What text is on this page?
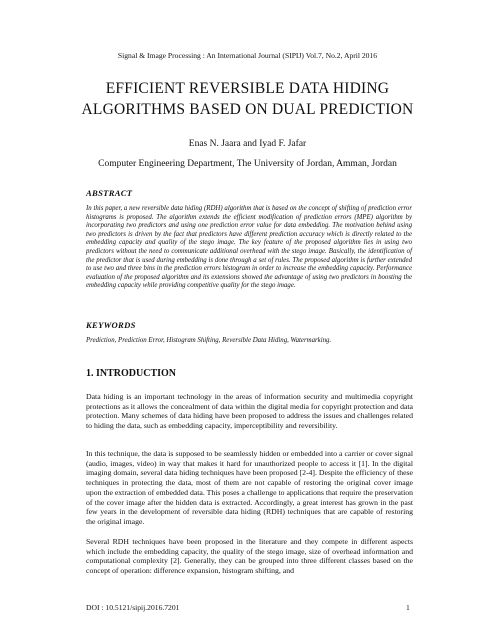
Signal & Image Processing : An International Journal (SIPIJ) Vol.7, No.2, April 2016
EFFICIENT REVERSIBLE DATA HIDING
ALGORITHMS BASED ON DUAL PREDICTION
Enas N. Jaara and Iyad F. Jafar
Computer Engineering Department, The University of Jordan, Amman, Jordan
ABSTRACT
In this paper, a new reversible data hiding (RDH) algorithm that is based on the concept of shifting of prediction error histograms is proposed. The algorithm extends the efficient modification of prediction errors (MPE) algorithm by incorporating two predictors and using one prediction error value for data embedding. The motivation behind using two predictors is driven by the fact that predictors have different prediction accuracy which is directly related to the embedding capacity and quality of the stego image. The key feature of the proposed algorithm lies in using two predictors without the need to communicate additional overhead with the stego image. Basically, the identification of the predictor that is used during embedding is done through a set of rules. The proposed algorithm is further extended to use two and three bins in the prediction errors histogram in order to increase the embedding capacity. Performance evaluation of the proposed algorithm and its extensions showed the advantage of using two predictors in boosting the embedding capacity while providing competitive quality for the stego image.
KEYWORDS
Prediction, Prediction Error, Histogram Shifting, Reversible Data Hiding, Watermarking.
1. INTRODUCTION
Data hiding is an important technology in the areas of information security and multimedia copyright protections as it allows the concealment of data within the digital media for copyright protection and data protection. Many schemes of data hiding have been proposed to address the issues and challenges related to hiding the data, such as embedding capacity, imperceptibility and reversibility.
In this technique, the data is supposed to be seamlessly hidden or embedded into a carrier or cover signal (audio, images, video) in way that makes it hard for unauthorized people to access it [1]. In the digital imaging domain, several data hiding techniques have been proposed [2-4]. Despite the efficiency of these techniques in protecting the data, most of them are not capable of restoring the original cover image upon the extraction of embedded data. This poses a challenge to applications that require the preservation of the cover image after the hidden data is extracted. Accordingly, a great interest has grown in the past few years in the development of reversible data hiding (RDH) techniques that are capable of restoring the original image.
Several RDH techniques have been proposed in the literature and they compete in different aspects which include the embedding capacity, the quality of the stego image, size of overhead information and computational complexity [2]. Generally, they can be grouped into three different classes based on the concept of operation: difference expansion, histogram shifting, and
DOI : 10.5121/sipij.2016.7201	1
